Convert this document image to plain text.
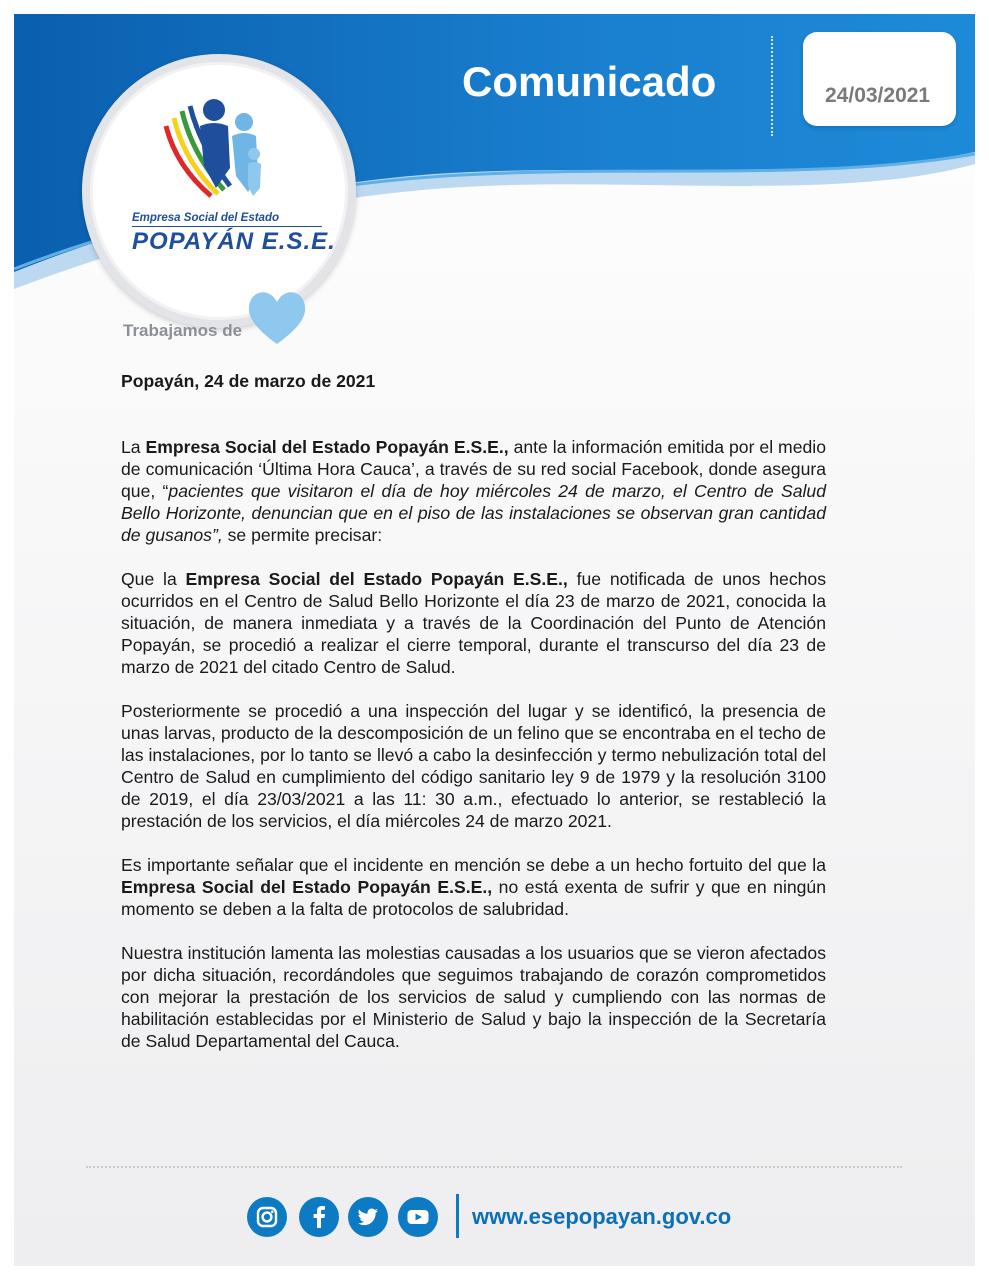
Empresa Social del Estado
POPAYÁN E.S.E.
Trabajamos de
Comunicado	24/03/2021

Popayán, 24 de marzo de 2021

La Empresa Social del Estado Popayán E.S.E., ante la información emitida por el medio de comunicación ‘Última Hora Cauca’, a través de su red social Facebook, donde asegura que, “pacientes que visitaron el día de hoy miércoles 24 de marzo, el Centro de Salud Bello Horizonte, denuncian que en el piso de las instalaciones se observan gran cantidad de gusanos”, se permite precisar:

Que la Empresa Social del Estado Popayán E.S.E., fue notificada de unos hechos ocurridos en el Centro de Salud Bello Horizonte el día 23 de marzo de 2021, conocida la situación, de manera inmediata y a través de la Coordinación del Punto de Atención Popayán, se procedió a realizar el cierre temporal, durante el transcurso del día 23 de marzo de 2021 del citado Centro de Salud.

Posteriormente se procedió a una inspección del lugar y se identificó, la presencia de unas larvas, producto de la descomposición de un felino que se encontraba en el techo de las instalaciones, por lo tanto se llevó a cabo la desinfección y termo nebulización total del Centro de Salud en cumplimiento del código sanitario ley 9 de 1979 y la resolución 3100 de 2019, el día 23/03/2021 a las 11: 30 a.m., efectuado lo anterior, se restableció la prestación de los servicios, el día miércoles 24 de marzo 2021.

Es importante señalar que el incidente en mención se debe a un hecho fortuito del que la Empresa Social del Estado Popayán E.S.E., no está exenta de sufrir y que en ningún momento se deben a la falta de protocolos de salubridad.

Nuestra institución lamenta las molestias causadas a los usuarios que se vieron afectados por dicha situación, recordándoles que seguimos trabajando de corazón comprometidos con mejorar la prestación de los servicios de salud y cumpliendo con las normas de habilitación establecidas por el Ministerio de Salud y bajo la inspección de la Secretaría de Salud Departamental del Cauca.

www.esepopayan.gov.co
